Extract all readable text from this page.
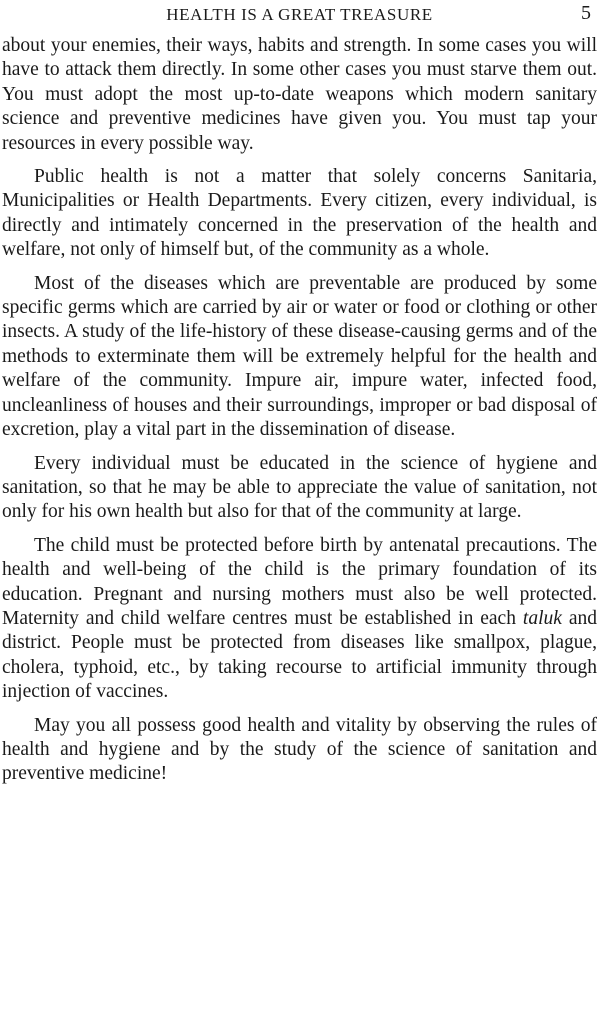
HEALTH IS A GREAT TREASURE	5

about your enemies, their ways, habits and strength. In some cases you will have to attack them directly. In some other cases you must starve them out. You must adopt the most up-to-date weapons which modern sanitary science and preventive medicines have given you. You must tap your resources in every possible way.

Public health is not a matter that solely concerns Sanitaria, Municipalities or Health Departments. Every citizen, every individual, is directly and intimately concerned in the preservation of the health and welfare, not only of himself but, of the community as a whole.

Most of the diseases which are preventable are produced by some specific germs which are carried by air or water or food or clothing or other insects. A study of the life-history of these disease-causing germs and of the methods to exterminate them will be extremely helpful for the health and welfare of the community. Impure air, impure water, infected food, uncleanliness of houses and their surroundings, improper or bad disposal of excretion, play a vital part in the dissemination of disease.

Every individual must be educated in the science of hygiene and sanitation, so that he may be able to appreciate the value of sanitation, not only for his own health but also for that of the community at large.

The child must be protected before birth by antenatal precautions. The health and well-being of the child is the primary foundation of its education. Pregnant and nursing mothers must also be well protected. Maternity and child welfare centres must be established in each taluk and district. People must be protected from diseases like smallpox, plague, cholera, typhoid, etc., by taking recourse to artificial immunity through injection of vaccines.

May you all possess good health and vitality by observing the rules of health and hygiene and by the study of the science of sanitation and preventive medicine!
